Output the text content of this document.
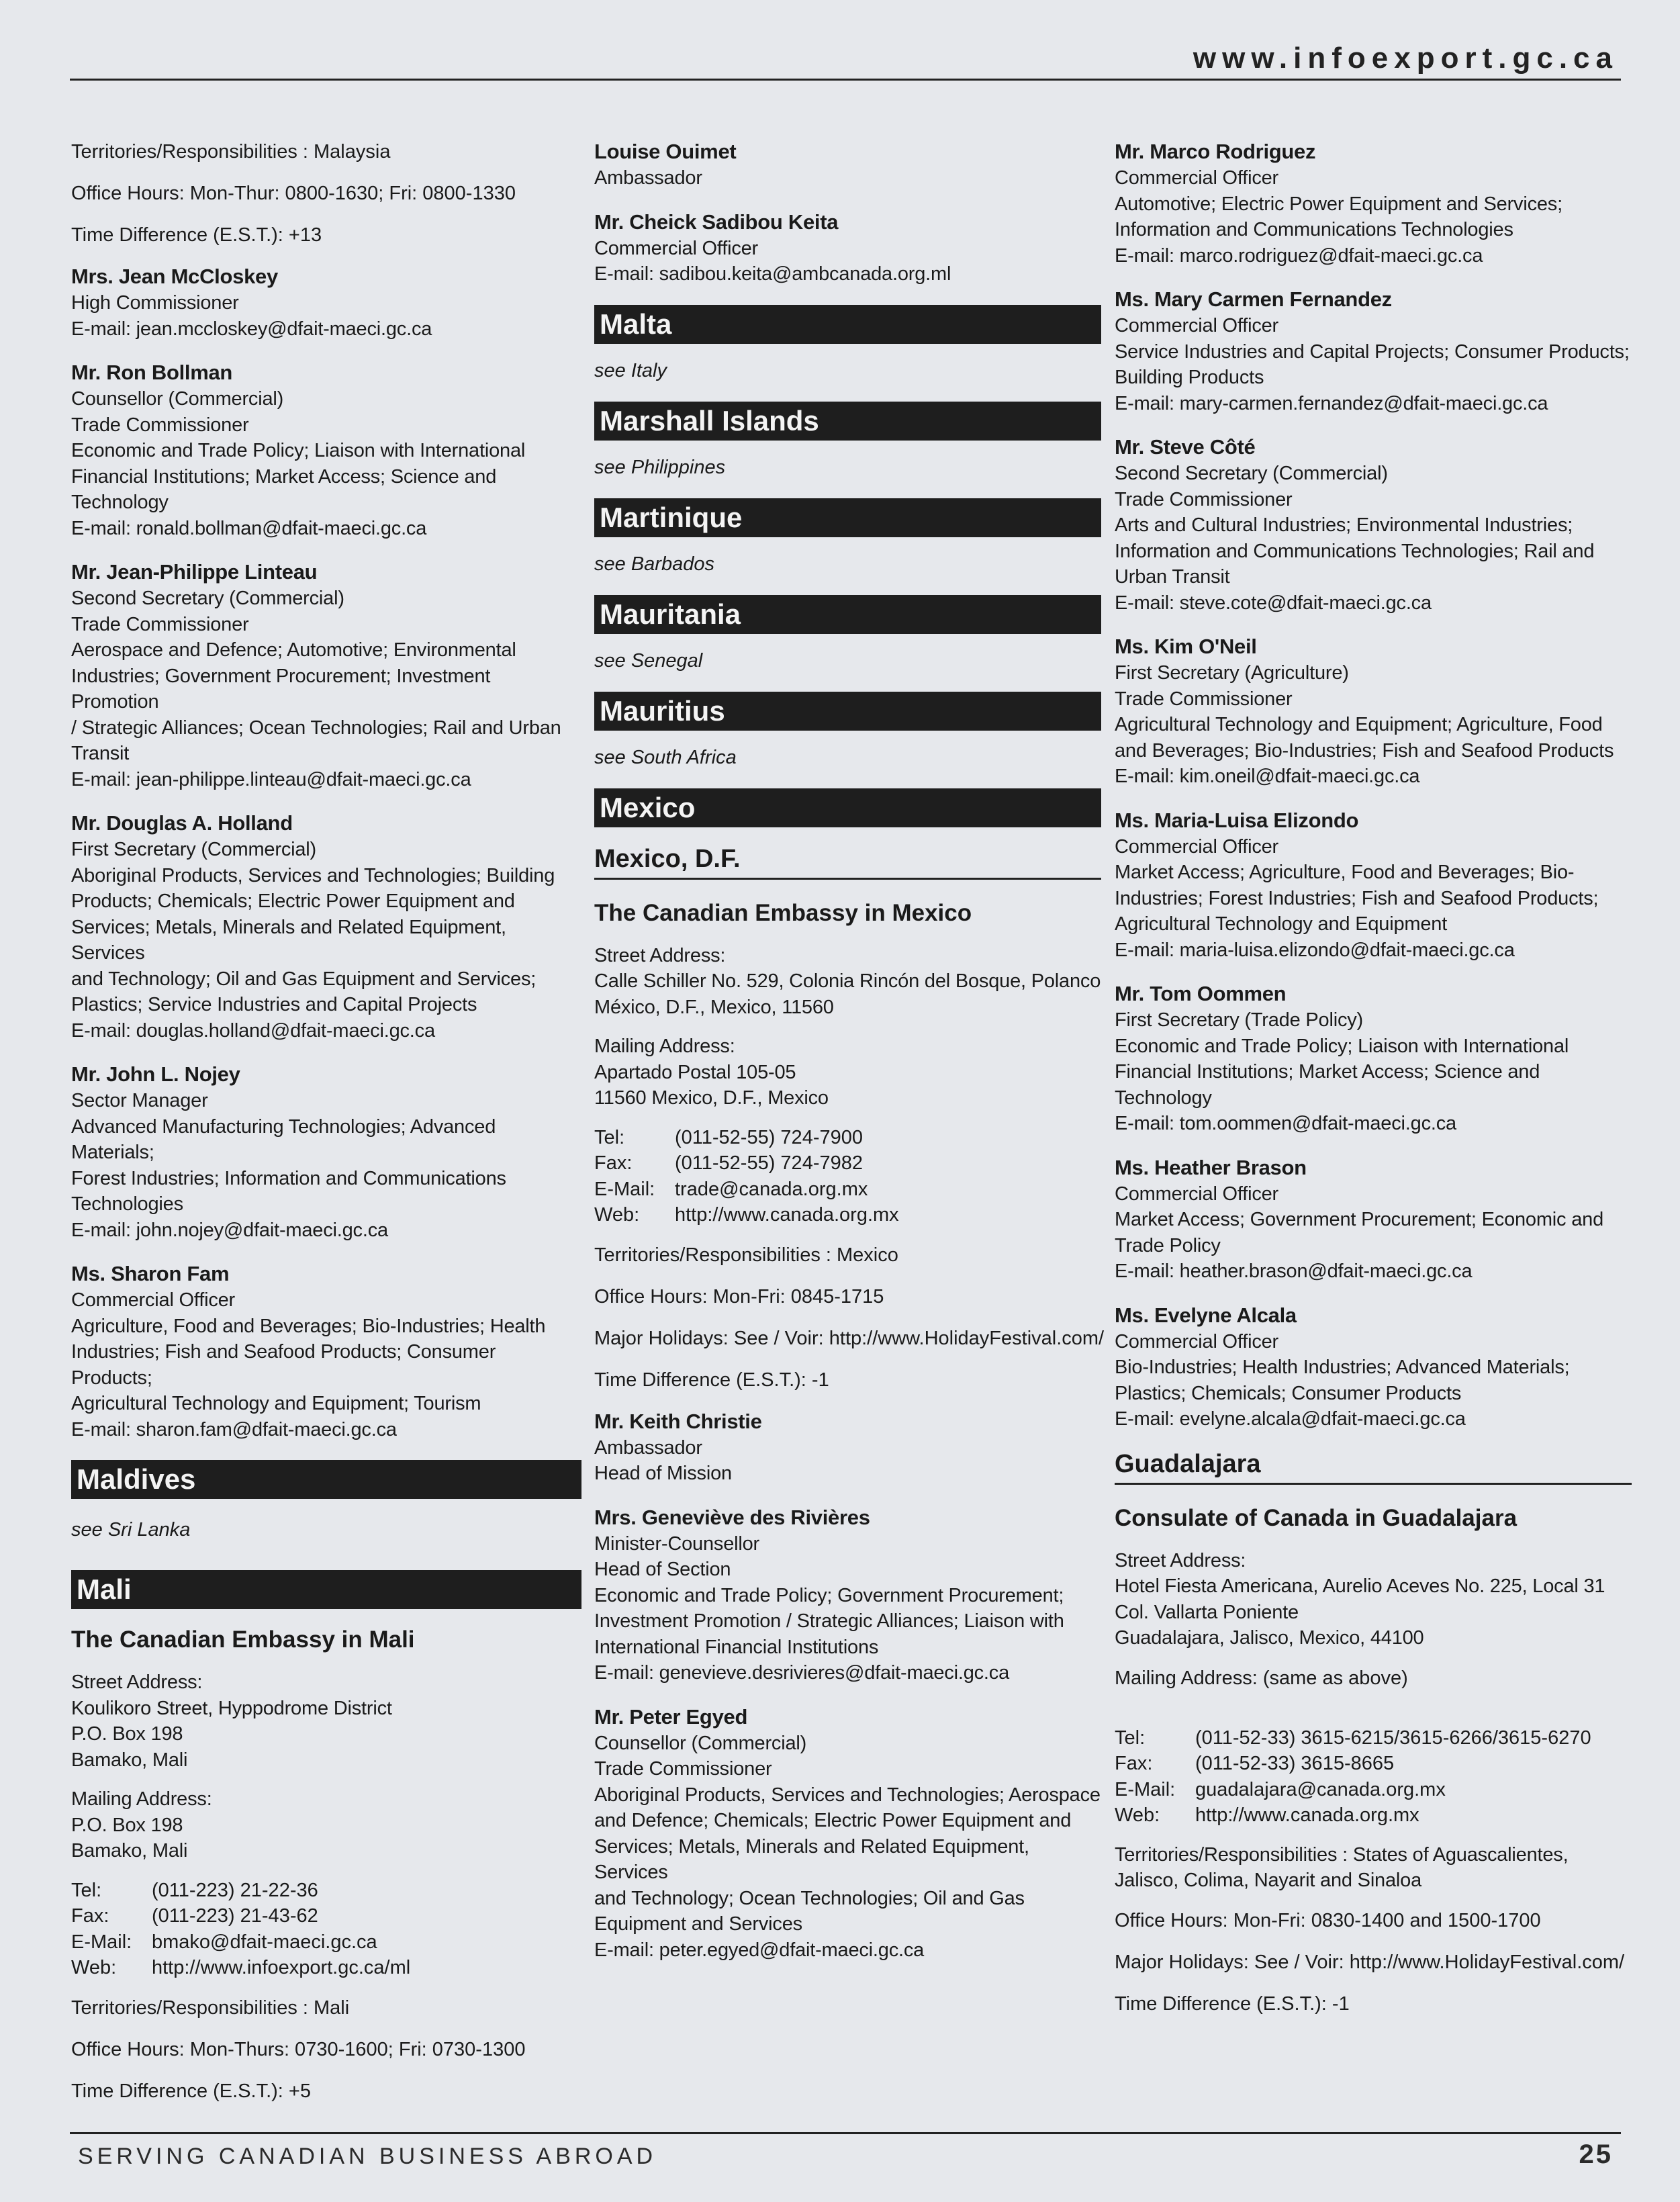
www.infoexport.gc.ca
Territories/Responsibilities : Malaysia
Office Hours: Mon-Thur: 0800-1630; Fri: 0800-1330
Time Difference (E.S.T.): +13
Mrs. Jean McCloskey
High Commissioner
E-mail: jean.mccloskey@dfait-maeci.gc.ca
Mr. Ron Bollman
Counsellor (Commercial)
Trade Commissioner
Economic and Trade Policy; Liaison with International
Financial Institutions; Market Access; Science and
Technology
E-mail: ronald.bollman@dfait-maeci.gc.ca
Mr. Jean-Philippe Linteau
Second Secretary (Commercial)
Trade Commissioner
Aerospace and Defence; Automotive; Environmental
Industries; Government Procurement; Investment Promotion
/ Strategic Alliances; Ocean Technologies; Rail and Urban
Transit
E-mail: jean-philippe.linteau@dfait-maeci.gc.ca
Mr. Douglas A. Holland
First Secretary (Commercial)
Aboriginal Products, Services and Technologies; Building
Products; Chemicals; Electric Power Equipment and
Services; Metals, Minerals and Related Equipment, Services
and Technology; Oil and Gas Equipment and Services;
Plastics; Service Industries and Capital Projects
E-mail: douglas.holland@dfait-maeci.gc.ca
Mr. John L. Nojey
Sector Manager
Advanced Manufacturing Technologies; Advanced Materials;
Forest Industries; Information and Communications
Technologies
E-mail: john.nojey@dfait-maeci.gc.ca
Ms. Sharon Fam
Commercial Officer
Agriculture, Food and Beverages; Bio-Industries; Health
Industries; Fish and Seafood Products; Consumer Products;
Agricultural Technology and Equipment; Tourism
E-mail: sharon.fam@dfait-maeci.gc.ca
Maldives
see Sri Lanka
Mali
The Canadian Embassy in Mali
Street Address:
Koulikoro Street, Hyppodrome District
P.O. Box 198
Bamako, Mali
Mailing Address:
P.O. Box 198
Bamako, Mali
Tel:	(011-223) 21-22-36
Fax:	(011-223) 21-43-62
E-Mail:	bmako@dfait-maeci.gc.ca
Web:	http://www.infoexport.gc.ca/ml
Territories/Responsibilities : Mali
Office Hours: Mon-Thurs: 0730-1600; Fri: 0730-1300
Time Difference (E.S.T.): +5
Louise Ouimet
Ambassador
Mr. Cheick Sadibou Keita
Commercial Officer
E-mail: sadibou.keita@ambcanada.org.ml
Malta
see Italy
Marshall Islands
see Philippines
Martinique
see Barbados
Mauritania
see Senegal
Mauritius
see South Africa
Mexico
Mexico, D.F.
The Canadian Embassy in Mexico
Street Address:
Calle Schiller No. 529, Colonia Rincón del Bosque, Polanco
México, D.F., Mexico, 11560
Mailing Address:
Apartado Postal 105-05
11560 Mexico, D.F., Mexico
Tel:	(011-52-55) 724-7900
Fax:	(011-52-55) 724-7982
E-Mail:	trade@canada.org.mx
Web:	http://www.canada.org.mx
Territories/Responsibilities : Mexico
Office Hours: Mon-Fri: 0845-1715
Major Holidays: See / Voir: http://www.HolidayFestival.com/
Time Difference (E.S.T.): -1
Mr. Keith Christie
Ambassador
Head of Mission
Mrs. Geneviève des Rivières
Minister-Counsellor
Head of Section
Economic and Trade Policy; Government Procurement;
Investment Promotion / Strategic Alliances; Liaison with
International Financial Institutions
E-mail: genevieve.desrivieres@dfait-maeci.gc.ca
Mr. Peter Egyed
Counsellor (Commercial)
Trade Commissioner
Aboriginal Products, Services and Technologies; Aerospace
and Defence; Chemicals; Electric Power Equipment and
Services; Metals, Minerals and Related Equipment, Services
and Technology; Ocean Technologies; Oil and Gas
Equipment and Services
E-mail: peter.egyed@dfait-maeci.gc.ca
Mr. Marco Rodriguez
Commercial Officer
Automotive; Electric Power Equipment and Services;
Information and Communications Technologies
E-mail: marco.rodriguez@dfait-maeci.gc.ca
Ms. Mary Carmen Fernandez
Commercial Officer
Service Industries and Capital Projects; Consumer Products;
Building Products
E-mail: mary-carmen.fernandez@dfait-maeci.gc.ca
Mr. Steve Côté
Second Secretary (Commercial)
Trade Commissioner
Arts and Cultural Industries; Environmental Industries;
Information and Communications Technologies; Rail and
Urban Transit
E-mail: steve.cote@dfait-maeci.gc.ca
Ms. Kim O'Neil
First Secretary (Agriculture)
Trade Commissioner
Agricultural Technology and Equipment; Agriculture, Food
and Beverages; Bio-Industries; Fish and Seafood Products
E-mail: kim.oneil@dfait-maeci.gc.ca
Ms. Maria-Luisa Elizondo
Commercial Officer
Market Access; Agriculture, Food and Beverages; Bio-
Industries; Forest Industries; Fish and Seafood Products;
Agricultural Technology and Equipment
E-mail: maria-luisa.elizondo@dfait-maeci.gc.ca
Mr. Tom Oommen
First Secretary (Trade Policy)
Economic and Trade Policy; Liaison with International
Financial Institutions; Market Access; Science and
Technology
E-mail: tom.oommen@dfait-maeci.gc.ca
Ms. Heather Brason
Commercial Officer
Market Access; Government Procurement; Economic and
Trade Policy
E-mail: heather.brason@dfait-maeci.gc.ca
Ms. Evelyne Alcala
Commercial Officer
Bio-Industries; Health Industries; Advanced Materials;
Plastics; Chemicals; Consumer Products
E-mail: evelyne.alcala@dfait-maeci.gc.ca
Guadalajara
Consulate of Canada in Guadalajara
Street Address:
Hotel Fiesta Americana, Aurelio Aceves No. 225, Local 31
Col. Vallarta Poniente
Guadalajara, Jalisco, Mexico, 44100
Mailing Address: (same as above)
Tel:	(011-52-33) 3615-6215/3615-6266/3615-6270
Fax:	(011-52-33) 3615-8665
E-Mail:	guadalajara@canada.org.mx
Web:	http://www.canada.org.mx
Territories/Responsibilities : States of Aguascalientes,
Jalisco, Colima, Nayarit and Sinaloa
Office Hours: Mon-Fri: 0830-1400 and 1500-1700
Major Holidays: See / Voir: http://www.HolidayFestival.com/
Time Difference (E.S.T.): -1
SERVING CANADIAN BUSINESS ABROAD	25
